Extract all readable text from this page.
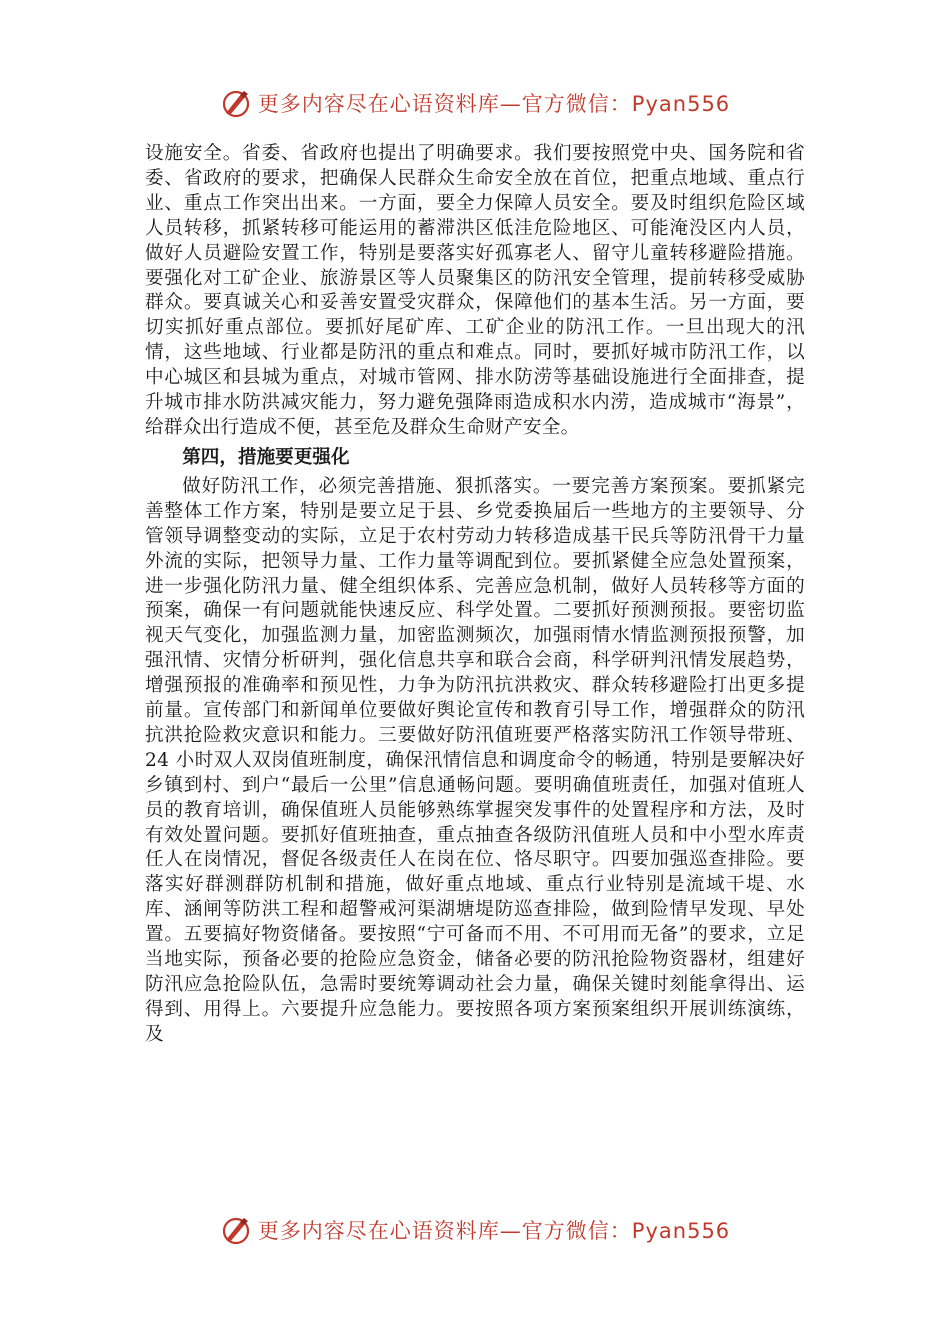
更多内容尽在心语资料库—官方微信：Pyan556

设施安全。省委、省政府也提出了明确要求。我们要按照党中央、国务院和省委、省政府的要求，把确保人民群众生命安全放在首位，把重点地域、重点行业、重点工作突出出来。一方面，要全力保障人员安全。要及时组织危险区域人员转移，抓紧转移可能运用的蓄滞洪区低洼危险地区、可能淹没区内人员，做好人员避险安置工作，特别是要落实好孤寡老人、留守儿童转移避险措施。要强化对工矿企业、旅游景区等人员聚集区的防汛安全管理，提前转移受威胁群众。要真诚关心和妥善安置受灾群众，保障他们的基本生活。另一方面，要切实抓好重点部位。要抓好尾矿库、工矿企业的防汛工作。一旦出现大的汛情，这些地域、行业都是防汛的重点和难点。同时，要抓好城市防汛工作，以中心城区和县城为重点，对城市管网、排水防涝等基础设施进行全面排查，提升城市排水防洪减灾能力，努力避免强降雨造成积水内涝，造成城市“海景”，给群众出行造成不便，甚至危及群众生命财产安全。

第四，措施要更强化

做好防汛工作，必须完善措施、狠抓落实。一要完善方案预案。要抓紧完善整体工作方案，特别是要立足于县、乡党委换届后一些地方的主要领导、分管领导调整变动的实际，立足于农村劳动力转移造成基干民兵等防汛骨干力量外流的实际，把领导力量、工作力量等调配到位。要抓紧健全应急处置预案，进一步强化防汛力量、健全组织体系、完善应急机制，做好人员转移等方面的预案，确保一有问题就能快速反应、科学处置。二要抓好预测预报。要密切监视天气变化，加强监测力量，加密监测频次，加强雨情水情监测预报预警，加强汛情、灾情分析研判，强化信息共享和联合会商，科学研判汛情发展趋势，增强预报的准确率和预见性，力争为防汛抗洪救灾、群众转移避险打出更多提前量。宣传部门和新闻单位要做好舆论宣传和教育引导工作，增强群众的防汛抗洪抢险救灾意识和能力。三要做好防汛值班要严格落实防汛工作领导带班、24 小时双人双岗值班制度，确保汛情信息和调度命令的畅通，特别是要解决好乡镇到村、到户“最后一公里”信息通畅问题。要明确值班责任，加强对值班人员的教育培训，确保值班人员能够熟练掌握突发事件的处置程序和方法，及时有效处置问题。要抓好值班抽查，重点抽查各级防汛值班人员和中小型水库责任人在岗情况，督促各级责任人在岗在位、恪尽职守。四要加强巡查排险。要落实好群测群防机制和措施，做好重点地域、重点行业特别是流域干堤、水库、涵闸等防洪工程和超警戒河渠湖塘堤防巡查排险，做到险情早发现、早处置。五要搞好物资储备。要按照“宁可备而不用、不可用而无备”的要求，立足当地实际，预备必要的抢险应急资金，储备必要的防汛抢险物资器材，组建好防汛应急抢险队伍，急需时要统筹调动社会力量，确保关键时刻能拿得出、运得到、用得上。六要提升应急能力。要按照各项方案预案组织开展训练演练，及

更多内容尽在心语资料库—官方微信：Pyan556
